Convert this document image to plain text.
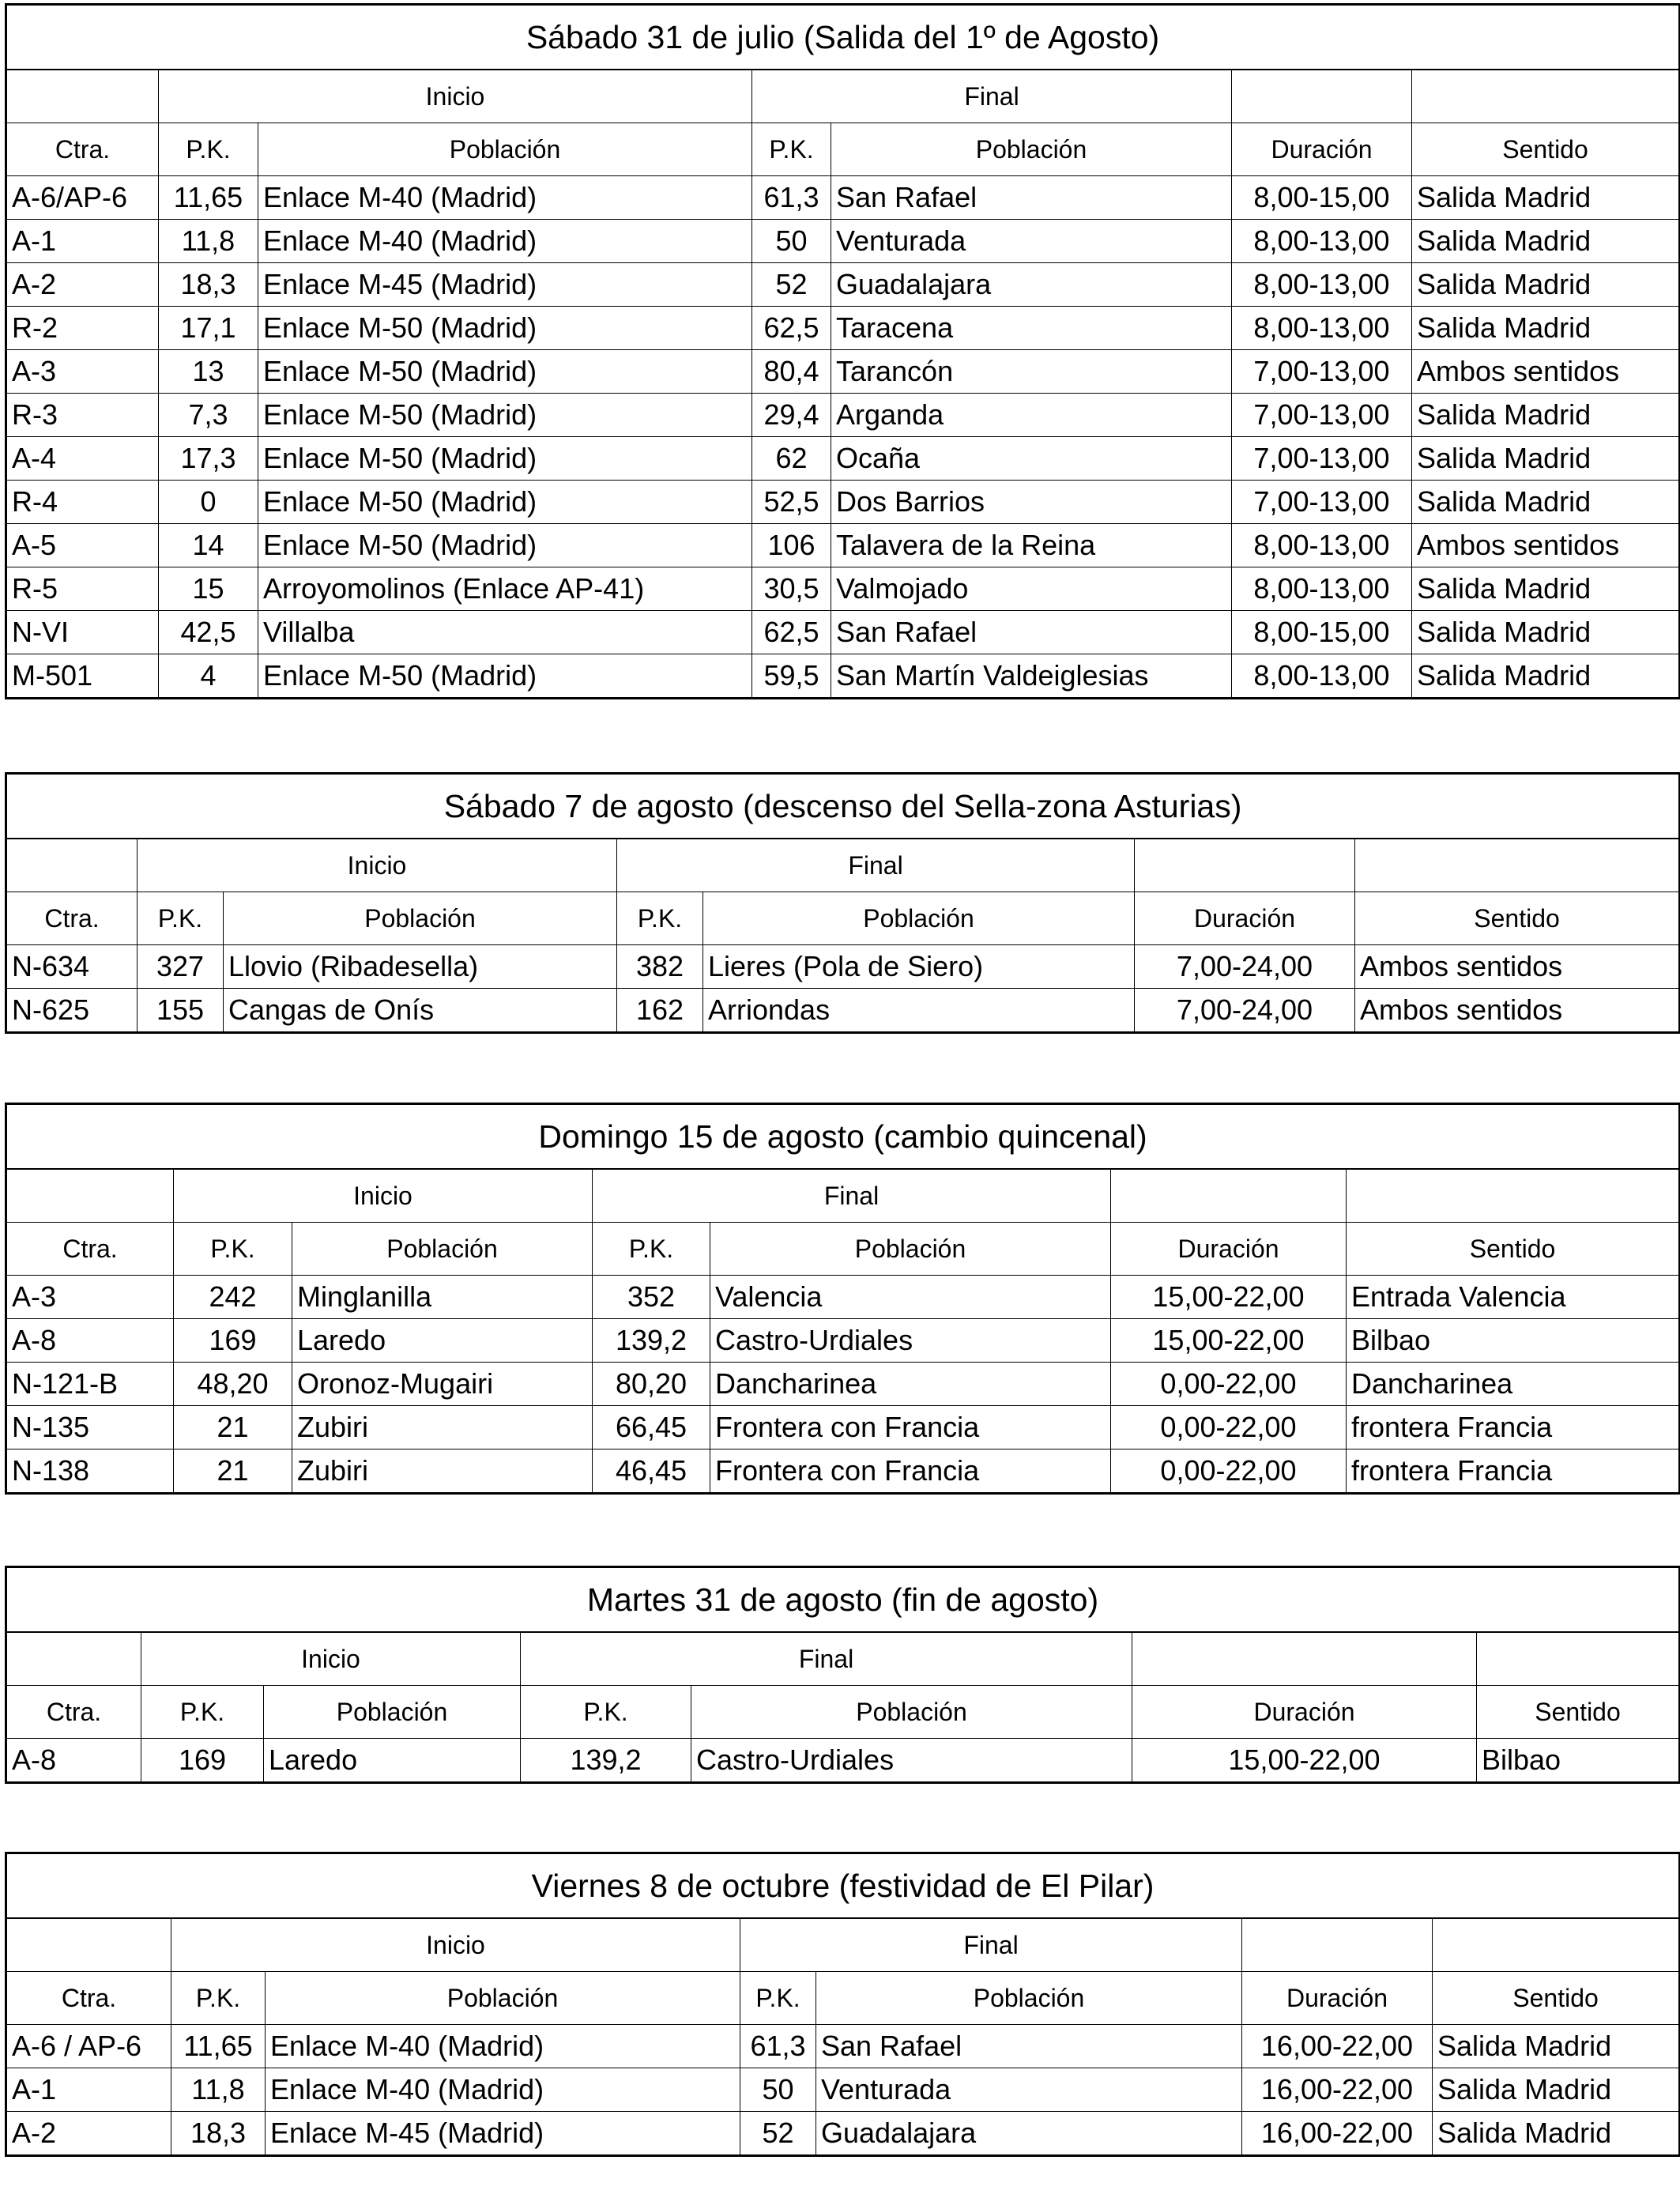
Sábado 31 de julio (Salida del 1º de Agosto)						
	Inicio		Final			
Ctra.	P.K.	Población	P.K.	Población	Duración	Sentido
A-6/AP-6	11,65	Enlace M-40 (Madrid)	61,3	San Rafael	8,00-15,00	Salida Madrid
A-1	11,8	Enlace M-40 (Madrid)	50	Venturada	8,00-13,00	Salida Madrid
A-2	18,3	Enlace M-45 (Madrid)	52	Guadalajara	8,00-13,00	Salida Madrid
R-2	17,1	Enlace M-50 (Madrid)	62,5	Taracena	8,00-13,00	Salida Madrid
A-3	13	Enlace M-50 (Madrid)	80,4	Tarancón	7,00-13,00	Ambos sentidos
R-3	7,3	Enlace M-50 (Madrid)	29,4	Arganda	7,00-13,00	Salida Madrid
A-4	17,3	Enlace M-50 (Madrid)	62	Ocaña	7,00-13,00	Salida Madrid
R-4	0	Enlace M-50 (Madrid)	52,5	Dos Barrios	7,00-13,00	Salida Madrid
A-5	14	Enlace M-50 (Madrid)	106	Talavera de la Reina	8,00-13,00	Ambos sentidos
R-5	15	Arroyomolinos (Enlace AP-41)	30,5	Valmojado	8,00-13,00	Salida Madrid
N-VI	42,5	Villalba	62,5	San Rafael	8,00-15,00	Salida Madrid
M-501	4	Enlace M-50 (Madrid)	59,5	San Martín Valdeiglesias	8,00-13,00	Salida Madrid
Sábado 7 de agosto (descenso del Sella-zona Asturias)						
	Inicio		Final			
Ctra.	P.K.	Población	P.K.	Población	Duración	Sentido
N-634	327	Llovio (Ribadesella)	382	Lieres (Pola de Siero)	7,00-24,00	Ambos sentidos
N-625	155	Cangas de Onís	162	Arriondas	7,00-24,00	Ambos sentidos
Domingo 15 de agosto (cambio quincenal)						
	Inicio		Final			
Ctra.	P.K.	Población	P.K.	Población	Duración	Sentido
A-3	242	Minglanilla	352	Valencia	15,00-22,00	Entrada Valencia
A-8	169	Laredo	139,2	Castro-Urdiales	15,00-22,00	Bilbao
N-121-B	48,20	Oronoz-Mugairi	80,20	Dancharinea	0,00-22,00	Dancharinea
N-135	21	Zubiri	66,45	Frontera con Francia	0,00-22,00	frontera Francia
N-138	21	Zubiri	46,45	Frontera con Francia	0,00-22,00	frontera Francia
Martes 31 de agosto (fin de agosto)						
	Inicio		Final			
Ctra.	P.K.	Población	P.K.	Población	Duración	Sentido
A-8	169	Laredo	139,2	Castro-Urdiales	15,00-22,00	Bilbao
Viernes 8 de octubre (festividad de El Pilar)						
	Inicio		Final			
Ctra.	P.K.	Población	P.K.	Población	Duración	Sentido
A-6 / AP-6	11,65	Enlace M-40 (Madrid)	61,3	San Rafael	16,00-22,00	Salida Madrid
A-1	11,8	Enlace M-40 (Madrid)	50	Venturada	16,00-22,00	Salida Madrid
A-2	18,3	Enlace M-45 (Madrid)	52	Guadalajara	16,00-22,00	Salida Madrid
